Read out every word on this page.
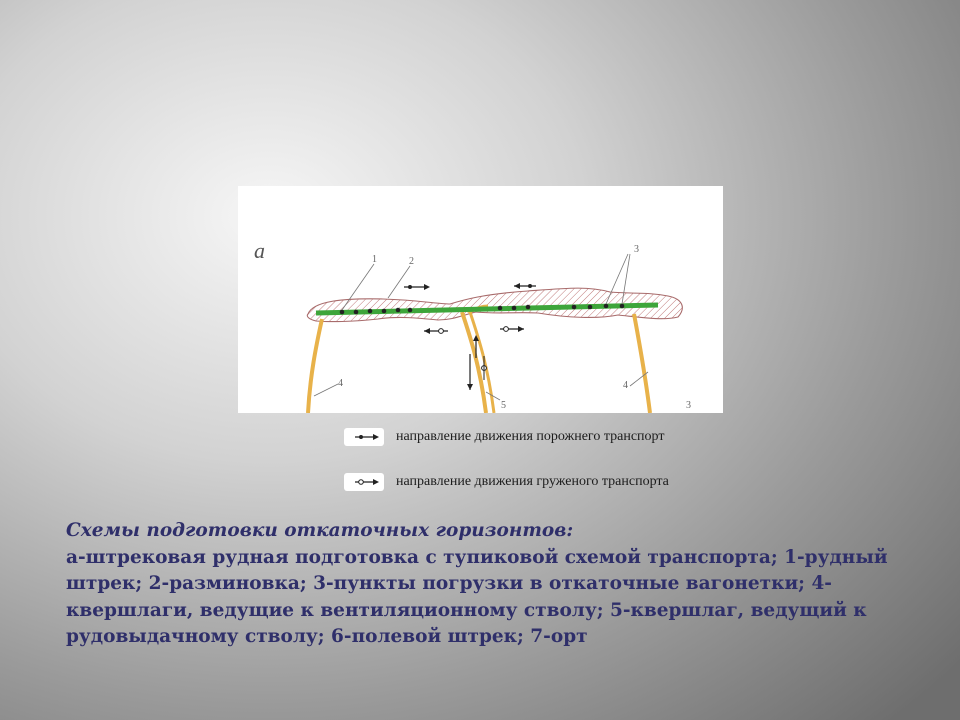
а	1	2
3
4	4
5	3
направление движения порожнего транспорт
направление движения груженого транспорта

Схемы подготовки откаточных горизонтов:
а-штрековая рудная подготовка с тупиковой схемой транспорта; 1-рудный штрек; 2-разминовка; 3-пункты погрузки в откаточные вагонетки; 4-квершлаги, ведущие к вентиляционному стволу; 5-квершлаг, ведущий к рудовыдачному стволу; 6-полевой штрек; 7-орт
